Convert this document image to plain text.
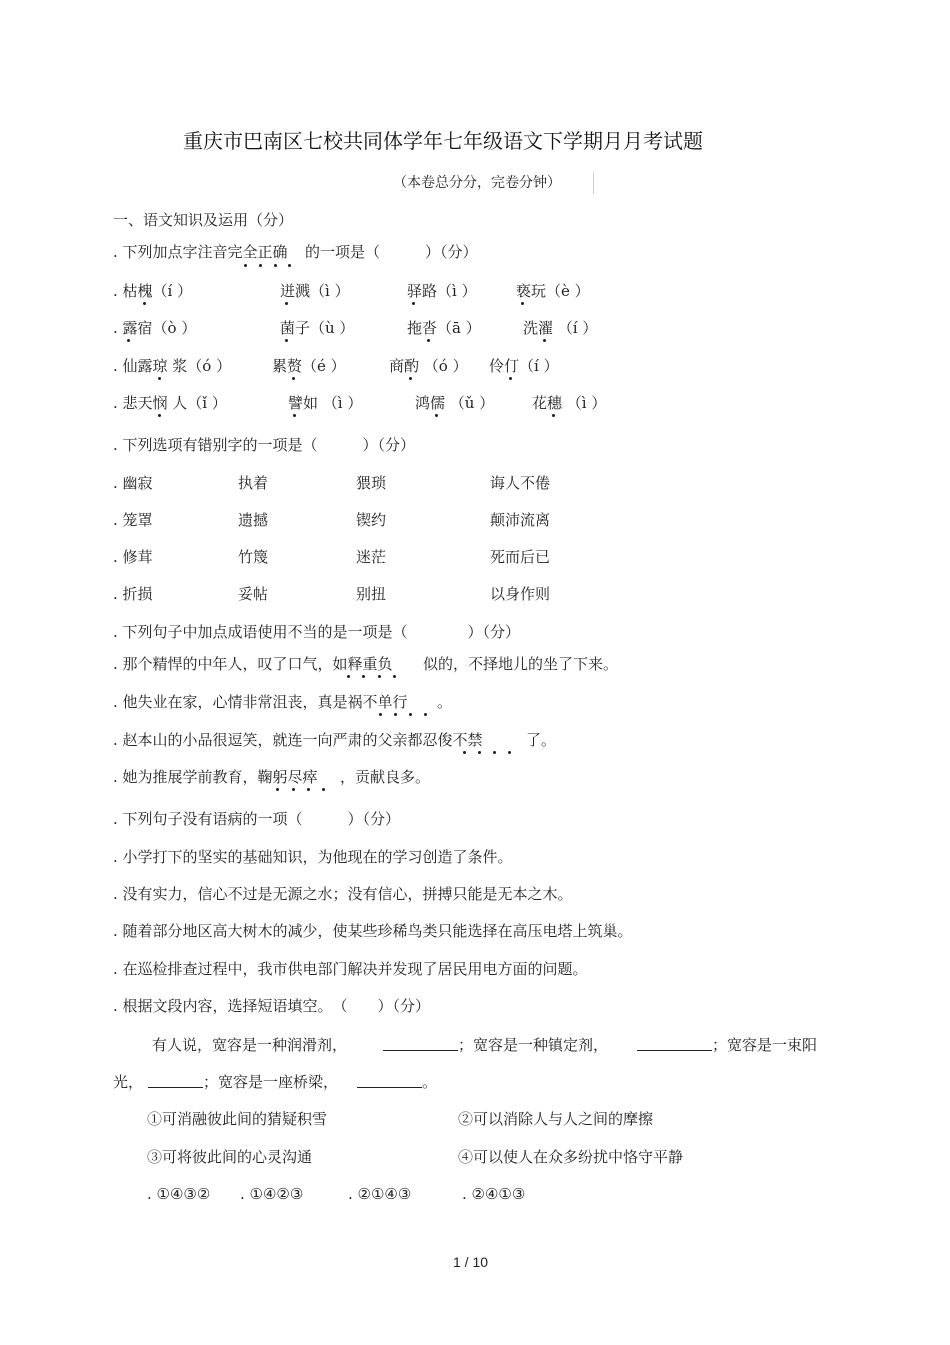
重庆市巴南区七校共同体学年七年级语文下学期月月考试题
（本卷总分分，完卷分钟）
一、语文知识及运用（分）
. 下列加点字注音完全正确 的一项是（　　　）（分）
. 枯槐（í ）	迸溅（ì ）	驿路（ì ）	亵玩（è ）
. 露宿（ò ）	菌子（ù ）	拖沓（ā ）	洗濯 （í ）
. 仙露琼 浆（ó ）	累赘（é ）	商酌 （ó ） 伶仃（í ）
. 悲天悯 人（ǐ ）	譬如 （ì ）	鸿儒 （ǔ ）	花穗 （ì ）
. 下列选项有错别字的一项是（　　　）（分）
. 幽寂	执着	猥琐	诲人不倦
. 笼罩	遗撼	锲约	颠沛流离
. 修茸	竹篾	迷茫	死而后已
. 折损	妥帖	别扭	以身作则
. 下列句子中加点成语使用不当的是一项是（　　　　）（分）
. 那个精悍的中年人，叹了口气，如释重负 似的，不择地儿的坐了下来。
. 他失业在家，心情非常沮丧，真是祸不单行 。
. 赵本山的小品很逗笑，就连一向严肃的父亲都忍俊不禁	了。
. 她为推展学前教育，鞠躬尽瘁 ，贡献良多。
. 下列句子没有语病的一项（　　　）（分）
. 小学打下的坚实的基础知识，为他现在的学习创造了条件。
. 没有实力，信心不过是无源之水；没有信心，拼搏只能是无本之木。
. 随着部分地区高大树木的减少，使某些珍稀鸟类只能选择在高压电塔上筑巢。
. 在巡检排查过程中，我市供电部门解决并发现了居民用电方面的问题。
. 根据文段内容，选择短语填空。　（　　）（分）
有人说，宽容是一种润滑剂，	；宽容是一种镇定剂，	；宽容是一束阳
光，	；宽容是一座桥梁，	。
①可消融彼此间的猜疑积雪	②可以消除人与人之间的摩擦
③可将彼此间的心灵沟通	④可以使人在众多纷扰中恪守平静
. ①④③② . ①④②③	. ②①④③	. ②④①③
1 / 10
